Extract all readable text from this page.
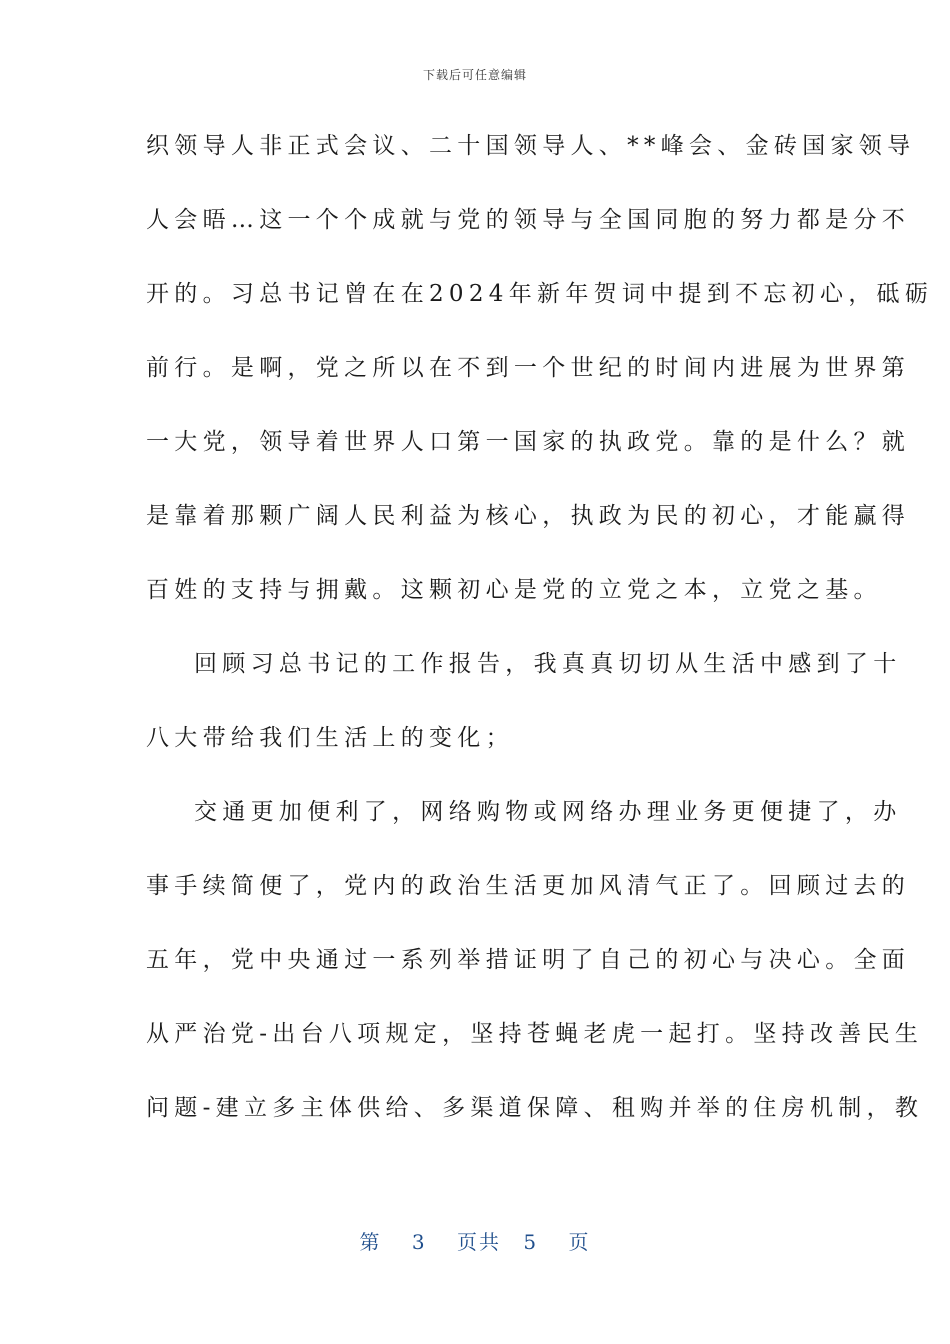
下载后可任意编辑
织领导人非正式会议、二十国领导人、**峰会、金砖国家领导
人会晤…这一个个成就与党的领导与全国同胞的努力都是分不
开的。习总书记曾在在2024年新年贺词中提到不忘初心，砥砺
前行。是啊，党之所以在不到一个世纪的时间内进展为世界第
一大党，领导着世界人口第一国家的执政党。靠的是什么？就
是靠着那颗广阔人民利益为核心，执政为民的初心，才能赢得
百姓的支持与拥戴。这颗初心是党的立党之本，立党之基。
回顾习总书记的工作报告，我真真切切从生活中感到了十
八大带给我们生活上的变化；
交通更加便利了，网络购物或网络办理业务更便捷了，办
事手续简便了，党内的政治生活更加风清气正了。回顾过去的
五年，党中央通过一系列举措证明了自己的初心与决心。全面
从严治党-出台八项规定，坚持苍蝇老虎一起打。坚持改善民生
问题-建立多主体供给、多渠道保障、租购并举的住房机制，教
第 3 页共 5 页
